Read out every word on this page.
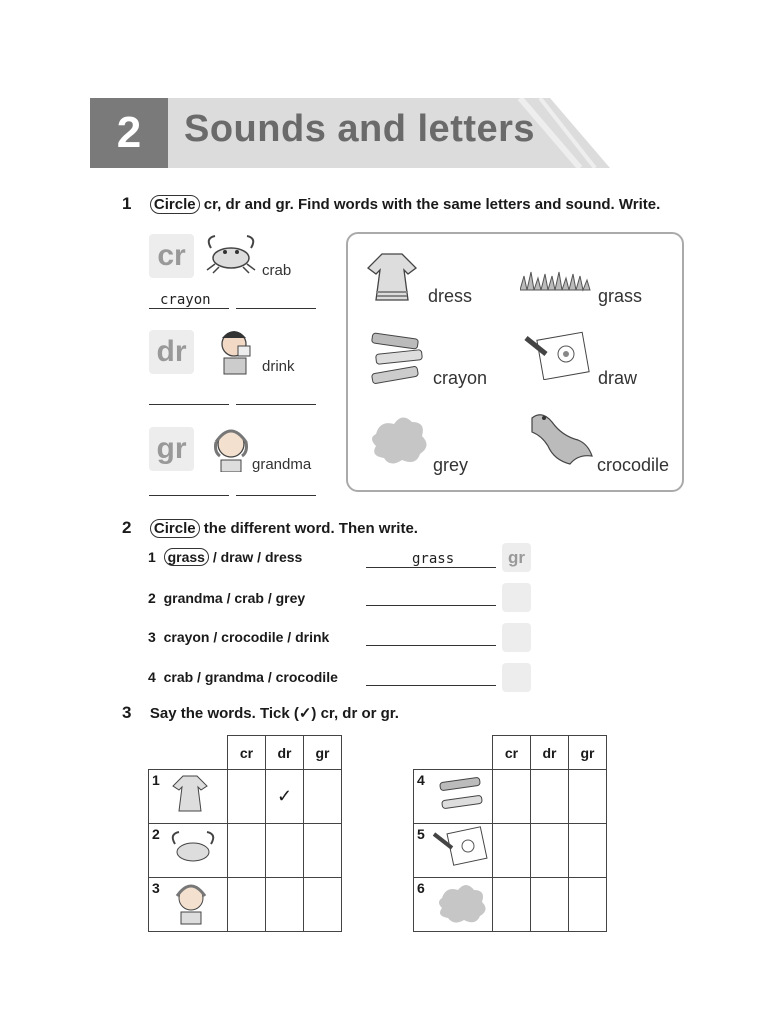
2	Sounds and letters
1 Circle cr, dr and gr. Find words with the same letters and sound. Write.
cr	crab
crayon
dr	drink
gr	grandma
dress	grass
crayon	draw
grey	crocodile
2 Circle the different word. Then write.
1 grass / draw / dress	grass	gr
2 grandma / crab / grey
3 crayon / crocodile / drink
4 crab / grandma / crocodile
3 Say the words. Tick (✓) cr, dr or gr.
	cr	dr	gr

1		✓	

2			

3			

	cr	dr	gr

4			

5			

6			
